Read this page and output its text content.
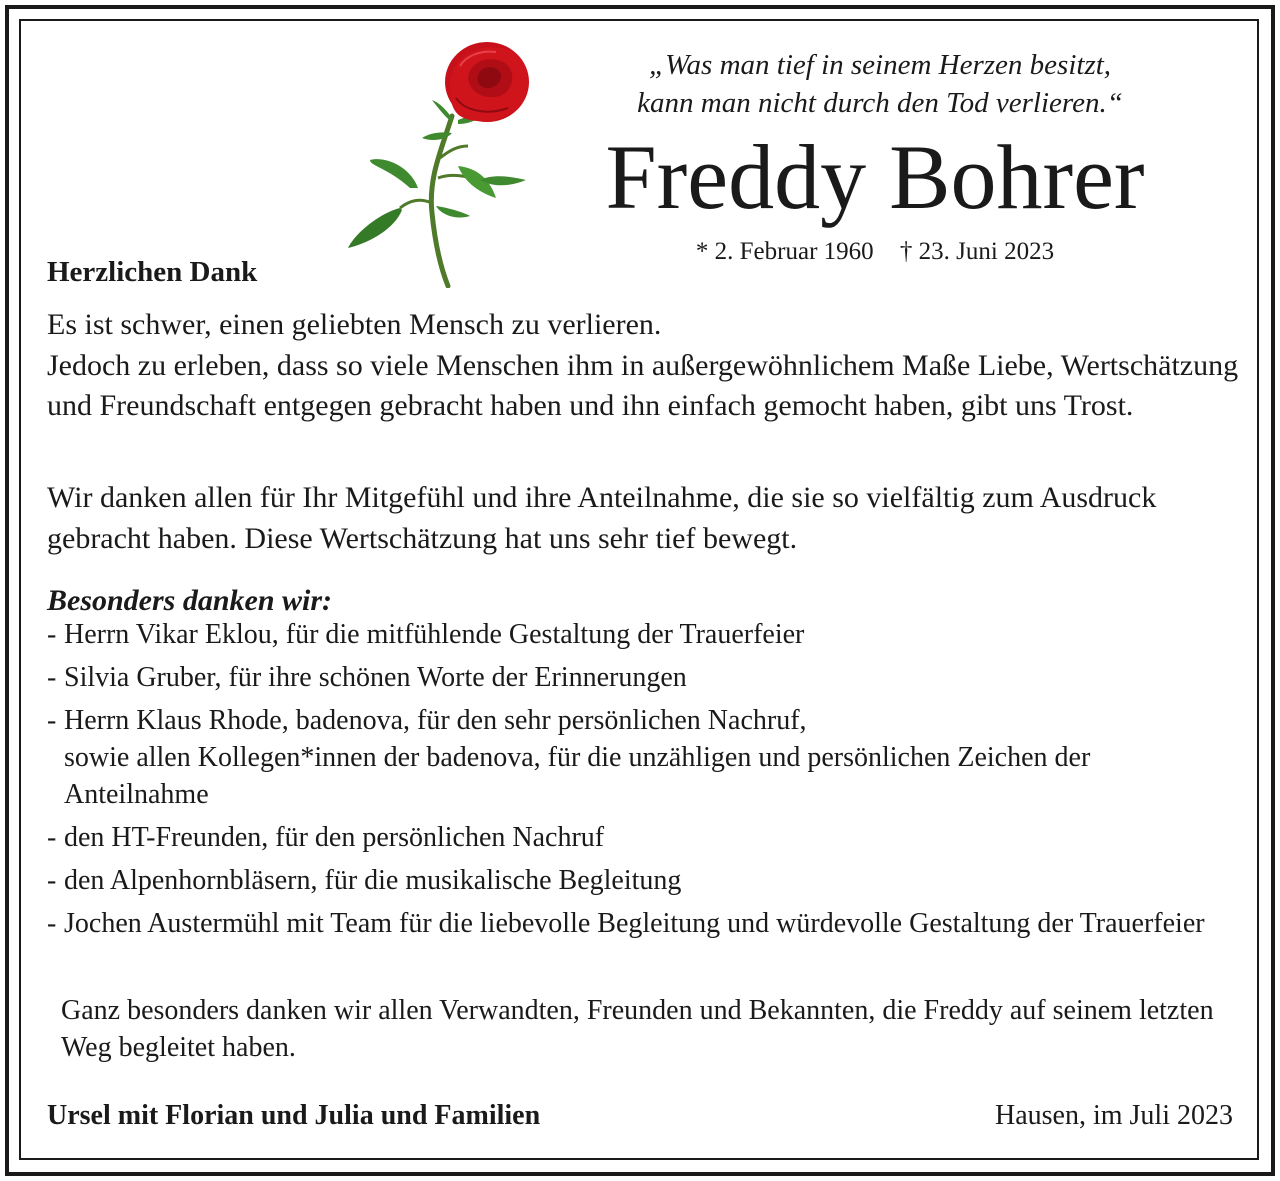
„Was man tief in seinem Herzen besitzt,
kann man nicht durch den Tod verlieren.“
Freddy Bohrer
* 2. Februar 1960 † 23. Juni 2023
Herzlichen Dank

Es ist schwer, einen geliebten Mensch zu verlieren.

Jedoch zu erleben, dass so viele Menschen ihm in außergewöhnlichem Maße Liebe, Wertschätzung und Freundschaft entgegen gebracht haben und ihn einfach gemocht haben, gibt uns Trost.

Wir danken allen für Ihr Mitgefühl und ihre Anteilnahme, die sie so vielfältig zum Ausdruck gebracht haben. Diese Wertschätzung hat uns sehr tief bewegt.

Besonders danken wir:
- Herrn Vikar Eklou, für die mitfühlende Gestaltung der Trauerfeier
- Silvia Gruber, für ihre schönen Worte der Erinnerungen
- Herrn Klaus Rhode, badenova, für den sehr persönlichen Nachruf,
sowie allen Kollegen*innen der badenova, für die unzähligen und persönlichen Zeichen der Anteilnahme
- den HT-Freunden, für den persönlichen Nachruf
- den Alpenhornbläsern, für die musikalische Begleitung
- Jochen Austermühl mit Team für die liebevolle Begleitung und würdevolle Gestaltung der Trauerfeier
Ganz besonders danken wir allen Verwandten, Freunden und Bekannten, die Freddy auf seinem letzten Weg begleitet haben.
Ursel mit Florian und Julia und Familien	Hausen, im Juli 2023
